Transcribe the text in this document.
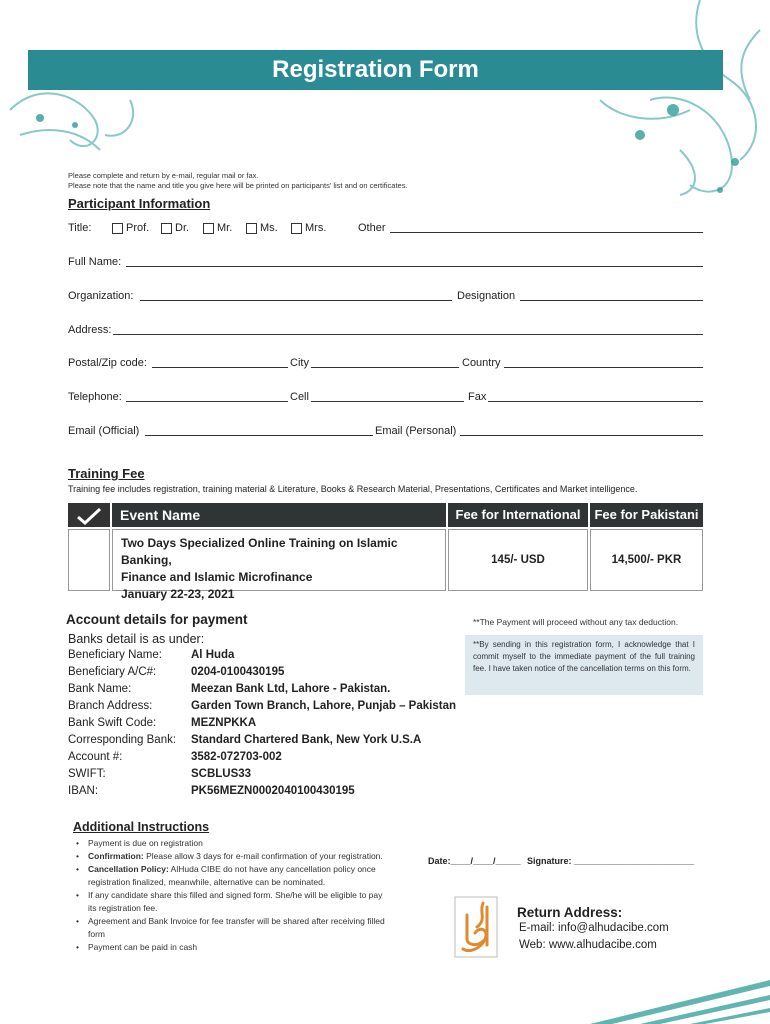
Registration Form
Please complete and return by e-mail, regular mail or fax.
Please note that the name and title you give here will be printed on participants' list and on certificates.
Participant Information
Title:	Prof. Dr.	Mr.	Ms. Mrs.	Other
Full Name:
Organization:	Designation
Address:
Postal/Zip code:	City	Country
Telephone:	Cell	Fax
Email (Official)	Email (Personal)
Training Fee
Training fee includes registration, training material & Literature, Books & Research Material, Presentations, Certificates and Market intelligence.
Event Name	Fee for International	Fee for Pakistani
Two Days Specialized Online Training on Islamic Banking,
Finance and Islamic Microfinance
January 22-23, 2021
145/- USD	14,500/- PKR
Account details for payment
Banks detail is as under:
Beneficiary Name:	Al Huda
Beneficiary A/C#:	0204-0100430195
Bank Name:	Meezan Bank Ltd, Lahore - Pakistan.
Branch Address:	Garden Town Branch, Lahore, Punjab – Pakistan
Bank Swift Code:	MEZNPKKA
Corresponding Bank: Standard Chartered Bank, New York U.S.A
Account #:	3582-072703-002
SWIFT:	SCBLUS33
IBAN:	PK56MEZN0002040100430195
**The Payment will proceed without any tax deduction.
**By sending in this registration form, I acknowledge that I commit myself to the immediate payment of the full training fee. I have taken notice of the cancellation terms on this form.
Additional Instructions
• Payment is due on registration
• Confirmation: Please allow 3 days for e-mail confirmation of your registration.
• Cancellation Policy: AlHuda CIBE do not have any cancellation policy once registration finalized, meanwhile, alternative can be nominated.
• If any candidate share this filled and signed form. She/he will be eligible to pay its registration fee.
• Agreement and Bank Invoice for fee transfer will be shared after receiving filled form
• Payment can be paid in cash
Date:____/____/_____ Signature: ________________________
Return Address:
E-mail: info@alhudacibe.com
Web: www.alhudacibe.com
